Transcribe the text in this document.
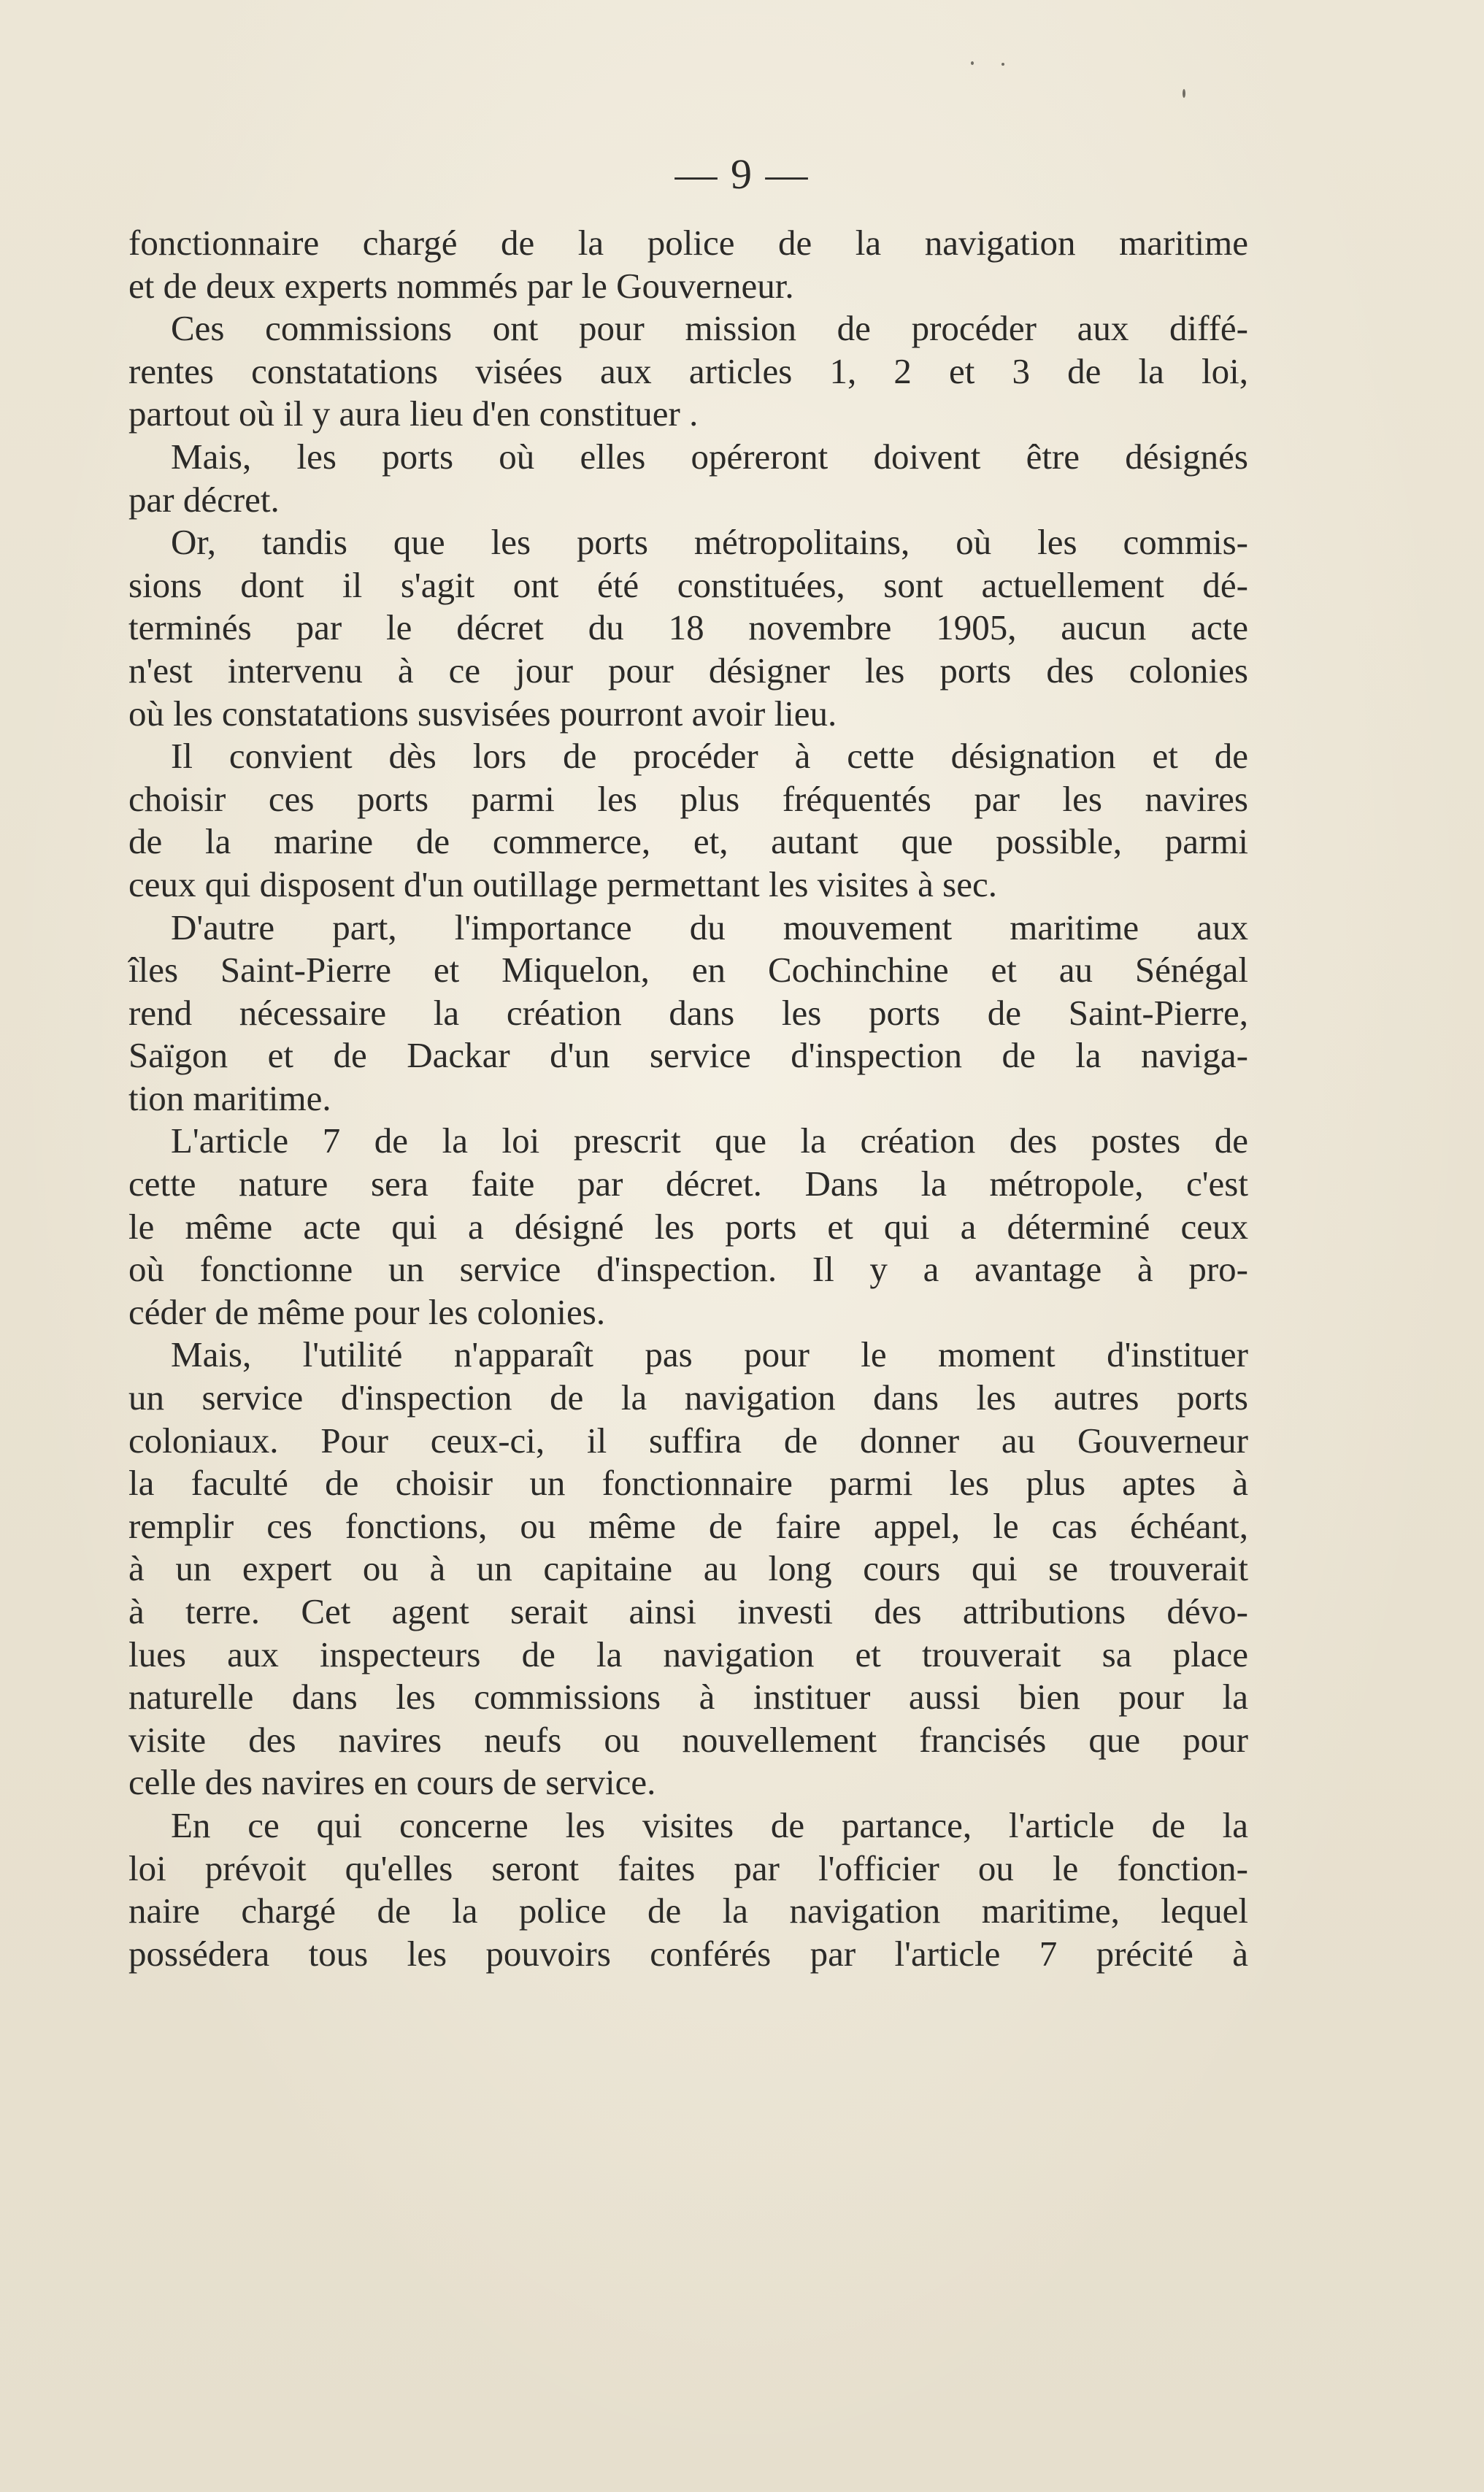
— 9 —
fonctionnaire chargé de la police de la navigation maritime
et de deux experts nommés par le Gouverneur.
Ces commissions ont pour mission de procéder aux diffé-
rentes constatations visées aux articles 1, 2 et 3 de la loi,
partout où il y aura lieu d'en constituer .
Mais, les ports où elles opéreront doivent être désignés
par décret.
Or, tandis que les ports métropolitains, où les commis-
sions dont il s'agit ont été constituées, sont actuellement dé-
terminés par le décret du 18 novembre 1905, aucun acte
n'est intervenu à ce jour pour désigner les ports des colonies
où les constatations susvisées pourront avoir lieu.
Il convient dès lors de procéder à cette désignation et de
choisir ces ports parmi les plus fréquentés par les navires
de la marine de commerce, et, autant que possible, parmi
ceux qui disposent d'un outillage permettant les visites à sec.
D'autre part, l'importance du mouvement maritime aux
îles Saint-Pierre et Miquelon, en Cochinchine et au Sénégal
rend nécessaire la création dans les ports de Saint-Pierre,
Saïgon et de Dackar d'un service d'inspection de la naviga-
tion maritime.
L'article 7 de la loi prescrit que la création des postes de
cette nature sera faite par décret. Dans la métropole, c'est
le même acte qui a désigné les ports et qui a déterminé ceux
où fonctionne un service d'inspection. Il y a avantage à pro-
céder de même pour les colonies.
Mais, l'utilité n'apparaît pas pour le moment d'instituer
un service d'inspection de la navigation dans les autres ports
coloniaux. Pour ceux-ci, il suffira de donner au Gouverneur
la faculté de choisir un fonctionnaire parmi les plus aptes à
remplir ces fonctions, ou même de faire appel, le cas échéant,
à un expert ou à un capitaine au long cours qui se trouverait
à terre. Cet agent serait ainsi investi des attributions dévo-
lues aux inspecteurs de la navigation et trouverait sa place
naturelle dans les commissions à instituer aussi bien pour la
visite des navires neufs ou nouvellement francisés que pour
celle des navires en cours de service.
En ce qui concerne les visites de partance, l'article de la
loi prévoit qu'elles seront faites par l'officier ou le fonction-
naire chargé de la police de la navigation maritime, lequel
possédera tous les pouvoirs conférés par l'article 7 précité à
